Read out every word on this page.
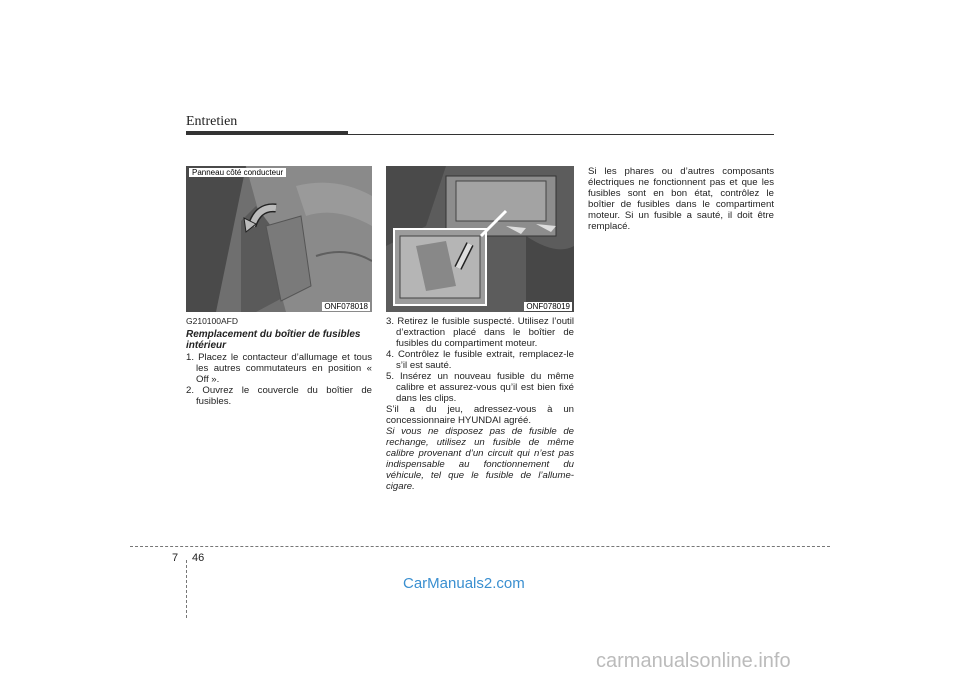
Entretien
Panneau côté conducteur
ONF078018	ONF078019
G210100AFD
Remplacement du boîtier de fusibles intérieur
1. Placez le contacteur d’allumage et tous les autres commutateurs en position « Off ».
2. Ouvrez le couvercle du boîtier de fusibles.
3. Retirez le fusible suspecté. Utilisez l’outil d’extraction placé dans le boîtier de fusibles du compartiment moteur.
4. Contrôlez le fusible extrait, remplacez-le s’il est sauté.
5. Insérez un nouveau fusible du même calibre et assurez-vous qu’il est bien fixé dans les clips.

S’il a du jeu, adressez-vous à un concessionnaire HYUNDAI agréé.

Si vous ne disposez pas de fusible de rechange, utilisez un fusible de même calibre provenant d’un circuit qui n’est pas indispensable au fonctionnement du véhicule, tel que le fusible de l’allume-cigare.

Si les phares ou d’autres composants électriques ne fonctionnent pas et que les fusibles sont en bon état, contrôlez le boîtier de fusibles dans le compartiment moteur. Si un fusible a sauté, il doit être remplacé.

7 46
CarManuals2.com
carmanualsonline.info
